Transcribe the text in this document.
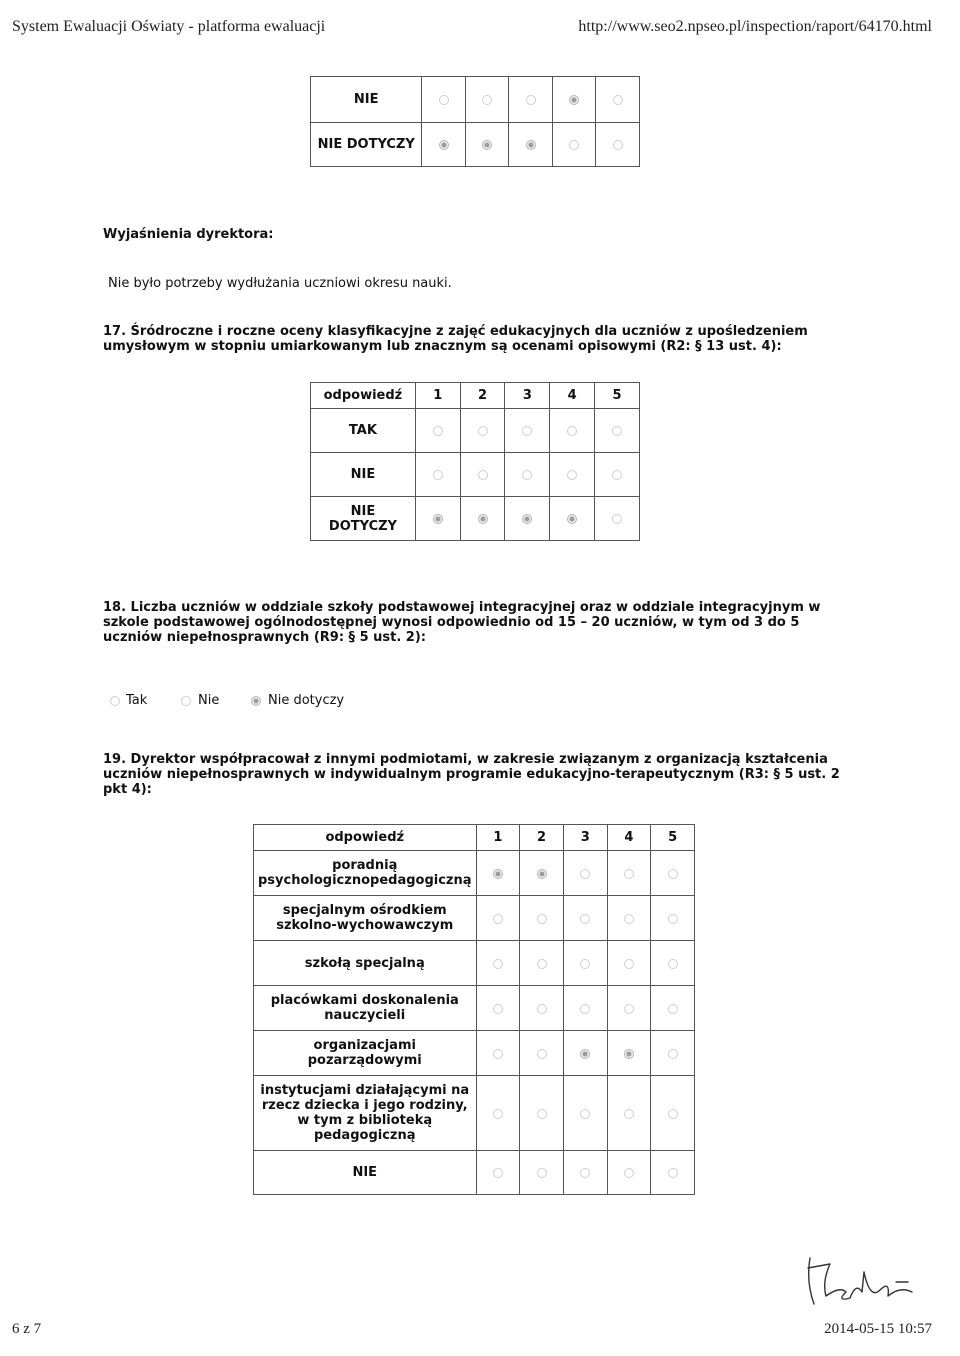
System Ewaluacji Oświaty - platforma ewaluacji	http://www.seo2.npseo.pl/inspection/raport/64170.html
NIE					
NIE DOTYCZY					
Wyjaśnienia dyrektora:
Nie było potrzeby wydłużania uczniowi okresu nauki.
17. Śródroczne i roczne oceny klasyfikacyjne z zajęć edukacyjnych dla uczniów z upośledzeniem
umysłowym w stopniu umiarkowanym lub znacznym są ocenami opisowymi (R2: § 13 ust. 4):
odpowiedź	1	2	3	4	5
TAK					
NIE					
NIE DOTYCZY					
18. Liczba uczniów w oddziale szkoły podstawowej integracyjnej oraz w oddziale integracyjnym w
szkole podstawowej ogólnodostępnej wynosi odpowiednio od 15 – 20 uczniów, w tym od 3 do 5
uczniów niepełnosprawnych (R9: § 5 ust. 2):
Tak	Nie	Nie dotyczy
19. Dyrektor współpracował z innymi podmiotami, w zakresie związanym z organizacją kształcenia
uczniów niepełnosprawnych w indywidualnym programie edukacyjno-terapeutycznym (R3: § 5 ust. 2
pkt 4):
odpowiedź	1	2	3	4	5
poradnią psychologicznopedagogiczną					
specjalnym ośrodkiem szkolno-wychowawczym					
szkołą specjalną					
placówkami doskonalenia nauczycieli					
organizacjami pozarządowymi					
instytucjami działającymi na rzecz dziecka i jego rodziny, w tym z biblioteką pedagogiczną					
NIE					
6 z 7	2014-05-15 10:57
